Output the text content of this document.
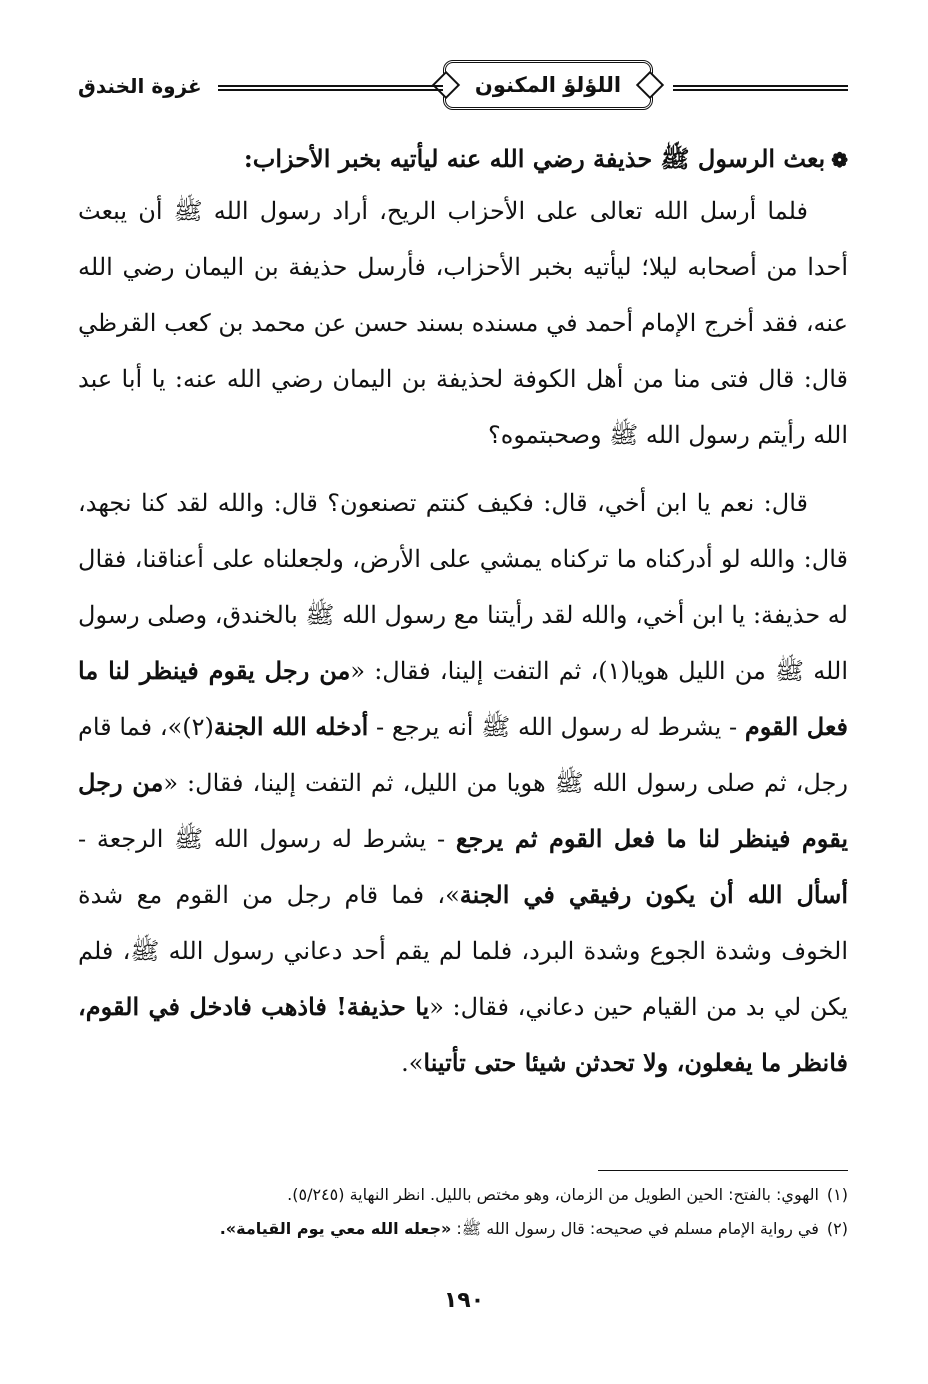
اللؤلؤ المكنون
غزوة الخندق

❁بعث الرسول ﷺ حذيفة رضي الله عنه ليأتيه بخبر الأحزاب:

فلما أرسل الله تعالى على الأحزاب الريح، أراد رسول الله ﷺ أن يبعث أحدا من أصحابه ليلا؛ ليأتيه بخبر الأحزاب، فأرسل حذيفة بن اليمان رضي الله عنه، فقد أخرج الإمام أحمد في مسنده بسند حسن عن محمد بن كعب القرظي قال: قال فتى منا من أهل الكوفة لحذيفة بن اليمان رضي الله عنه: يا أبا عبد الله رأيتم رسول الله ﷺ وصحبتموه؟

قال: نعم يا ابن أخي، قال: فكيف كنتم تصنعون؟ قال: والله لقد كنا نجهد، قال: والله لو أدركناه ما تركناه يمشي على الأرض، ولجعلناه على أعناقنا، فقال له حذيفة: يا ابن أخي، والله لقد رأيتنا مع رسول الله ﷺ بالخندق، وصلى رسول الله ﷺ من الليل هويا(١)، ثم التفت إلينا، فقال: «من رجل يقوم فينظر لنا ما فعل القوم - يشرط له رسول الله ﷺ أنه يرجع - أدخله الله الجنة(٢)»، فما قام رجل، ثم صلى رسول الله ﷺ هويا من الليل، ثم التفت إلينا، فقال: «من رجل يقوم فينظر لنا ما فعل القوم ثم يرجع - يشرط له رسول الله ﷺ الرجعة - أسأل الله أن يكون رفيقي في الجنة»، فما قام رجل من القوم مع شدة الخوف وشدة الجوع وشدة البرد، فلما لم يقم أحد دعاني رسول الله ﷺ، فلم يكن لي بد من القيام حين دعاني، فقال: «يا حذيفة! فاذهب فادخل في القوم، فانظر ما يفعلون، ولا تحدثن شيئا حتى تأتينا».

(١)الهوي: بالفتح: الحين الطويل من الزمان، وهو مختص بالليل. انظر النهاية (٥/٢٤٥).

(٢)في رواية الإمام مسلم في صحيحه: قال رسول الله ﷺ: «جعله الله معي يوم القيامة».

١٩٠
